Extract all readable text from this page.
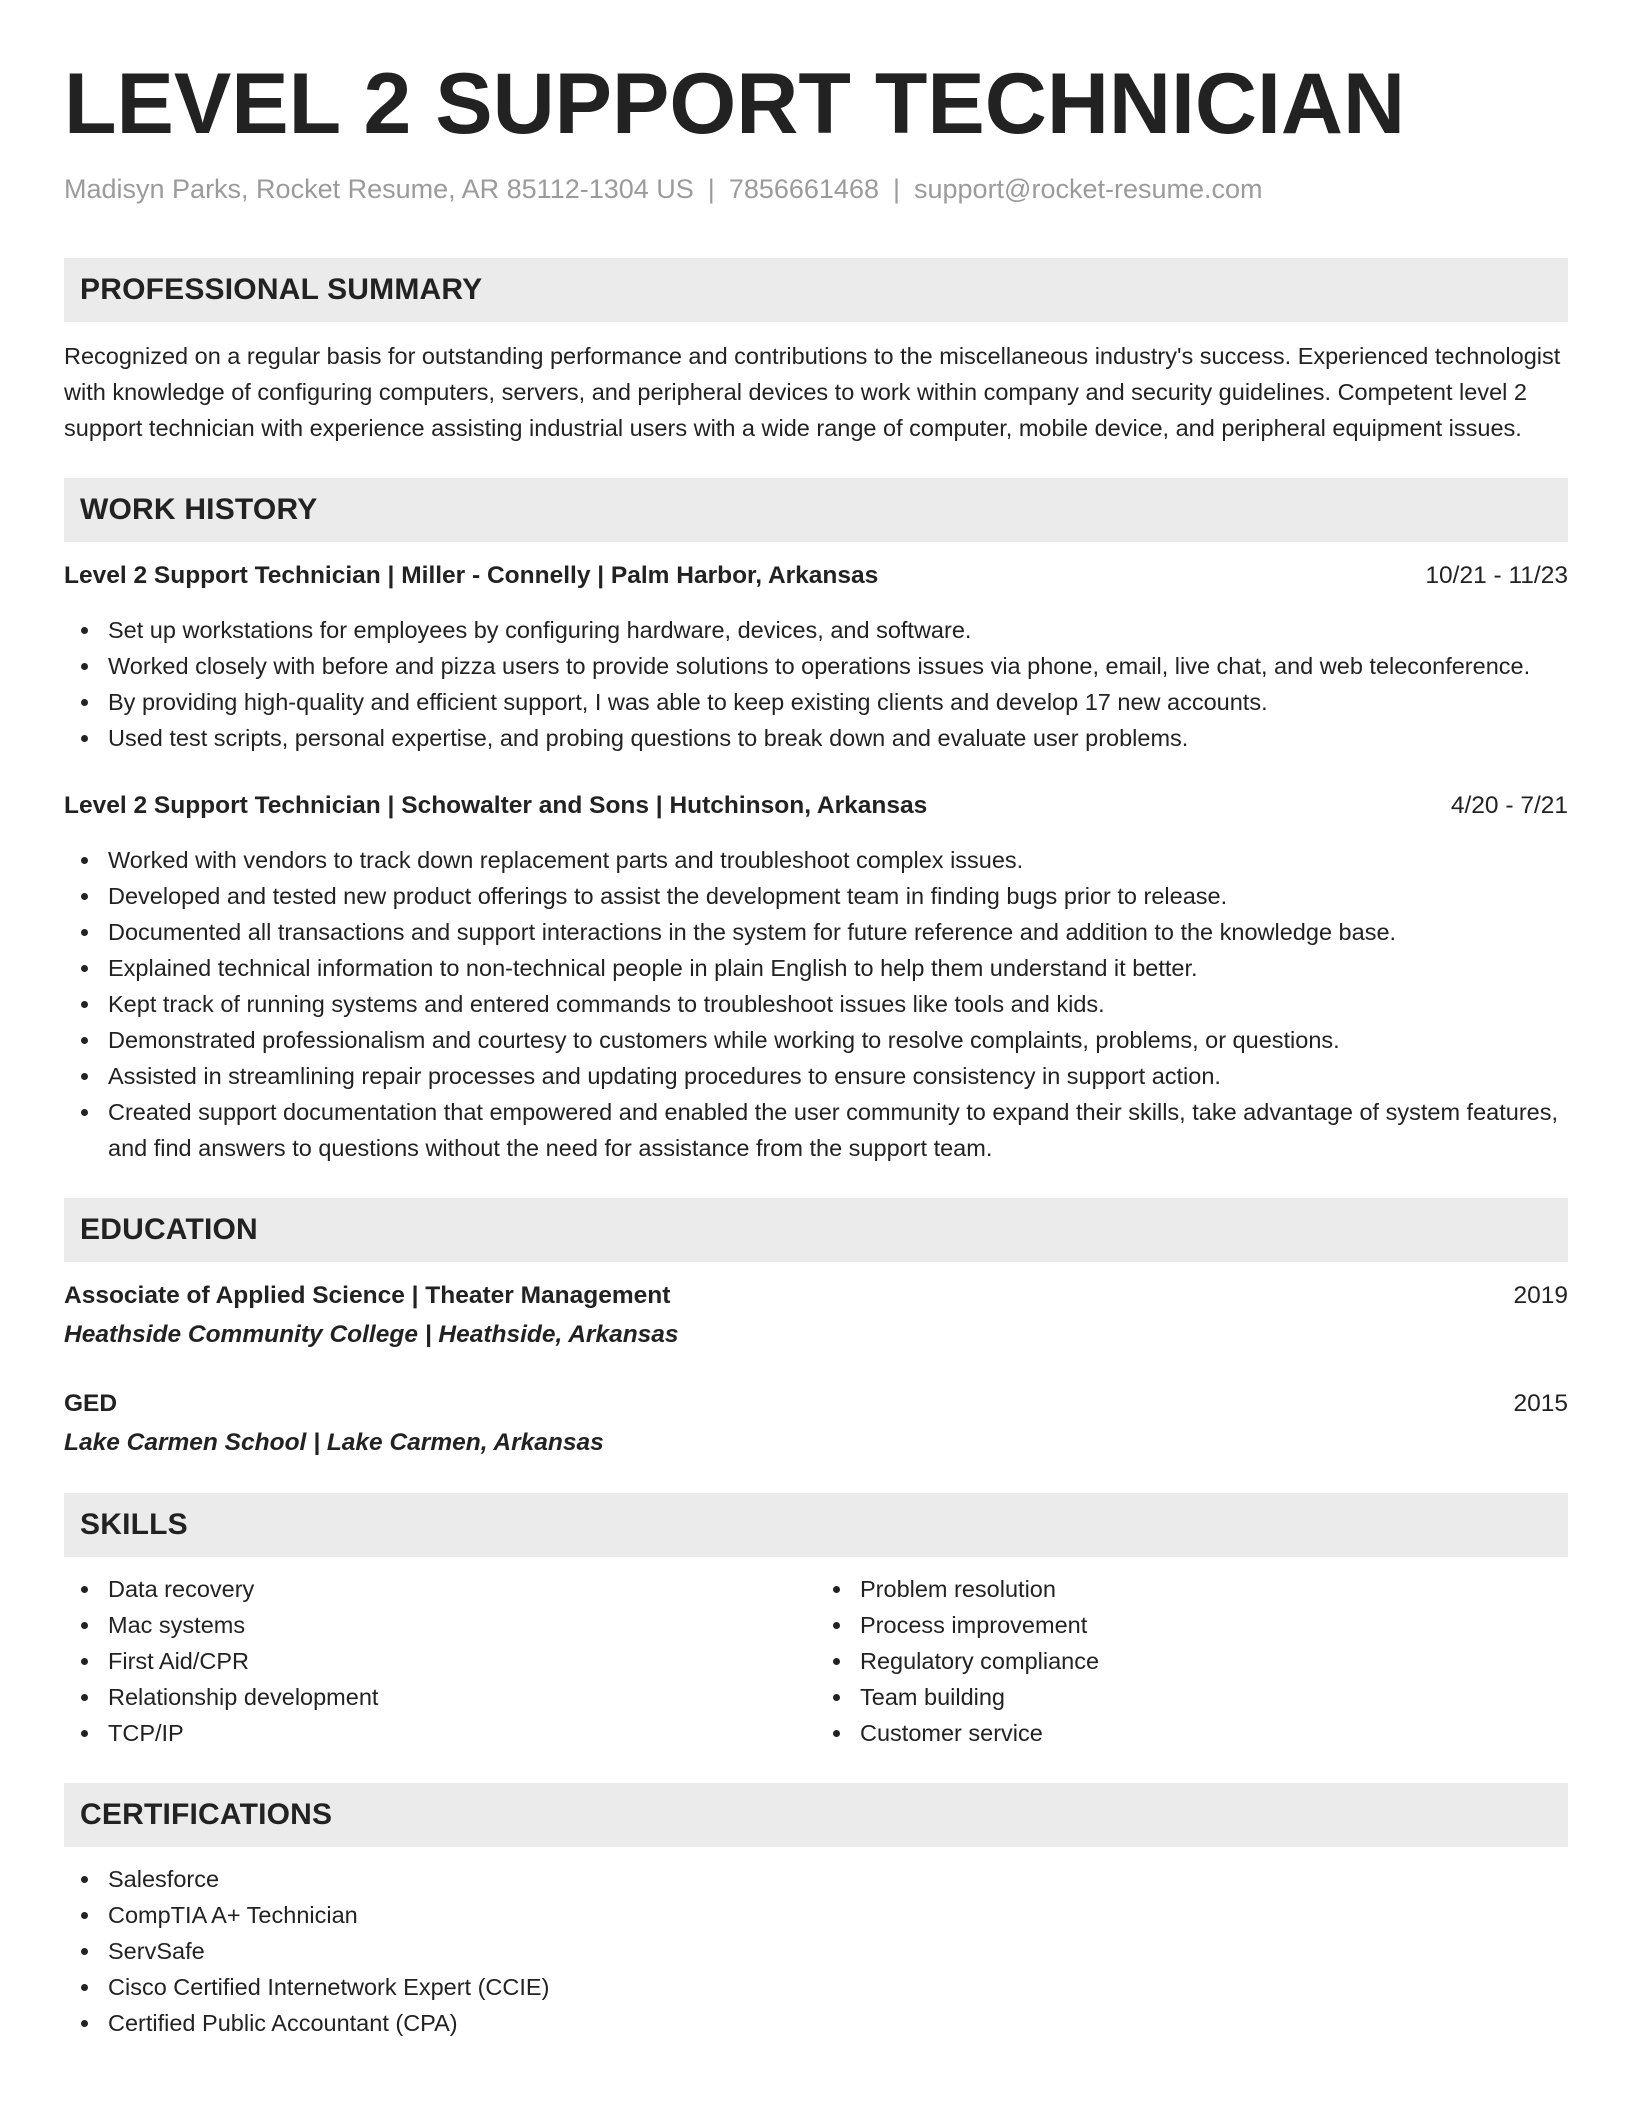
LEVEL 2 SUPPORT TECHNICIAN
Madisyn Parks, Rocket Resume, AR 85112-1304 US | 7856661468 | support@rocket-resume.com
PROFESSIONAL SUMMARY

Recognized on a regular basis for outstanding performance and contributions to the miscellaneous industry's success. Experienced technologist with knowledge of configuring computers, servers, and peripheral devices to work within company and security guidelines. Competent level 2 support technician with experience assisting industrial users with a wide range of computer, mobile device, and peripheral equipment issues.

WORK HISTORY
Level 2 Support Technician | Miller - Connelly | Palm Harbor, Arkansas	10/21 - 11/23
Set up workstations for employees by configuring hardware, devices, and software.
Worked closely with before and pizza users to provide solutions to operations issues via phone, email, live chat, and web teleconference.
By providing high-quality and efficient support, I was able to keep existing clients and develop 17 new accounts.
Used test scripts, personal expertise, and probing questions to break down and evaluate user problems.
Level 2 Support Technician | Schowalter and Sons | Hutchinson, Arkansas	4/20 - 7/21
Worked with vendors to track down replacement parts and troubleshoot complex issues.
Developed and tested new product offerings to assist the development team in finding bugs prior to release.
Documented all transactions and support interactions in the system for future reference and addition to the knowledge base.
Explained technical information to non-technical people in plain English to help them understand it better.
Kept track of running systems and entered commands to troubleshoot issues like tools and kids.
Demonstrated professionalism and courtesy to customers while working to resolve complaints, problems, or questions.
Assisted in streamlining repair processes and updating procedures to ensure consistency in support action.
Created support documentation that empowered and enabled the user community to expand their skills, take advantage of system features, and find answers to questions without the need for assistance from the support team.
EDUCATION
Associate of Applied Science | Theater Management	2019
Heathside Community College | Heathside, Arkansas
GED	2015
Lake Carmen School | Lake Carmen, Arkansas
SKILLS
Data recovery
Mac systems
First Aid/CPR
Relationship development
TCP/IP
Problem resolution
Process improvement
Regulatory compliance
Team building
Customer service
CERTIFICATIONS
Salesforce
CompTIA A+ Technician
ServSafe
Cisco Certified Internetwork Expert (CCIE)
Certified Public Accountant (CPA)
